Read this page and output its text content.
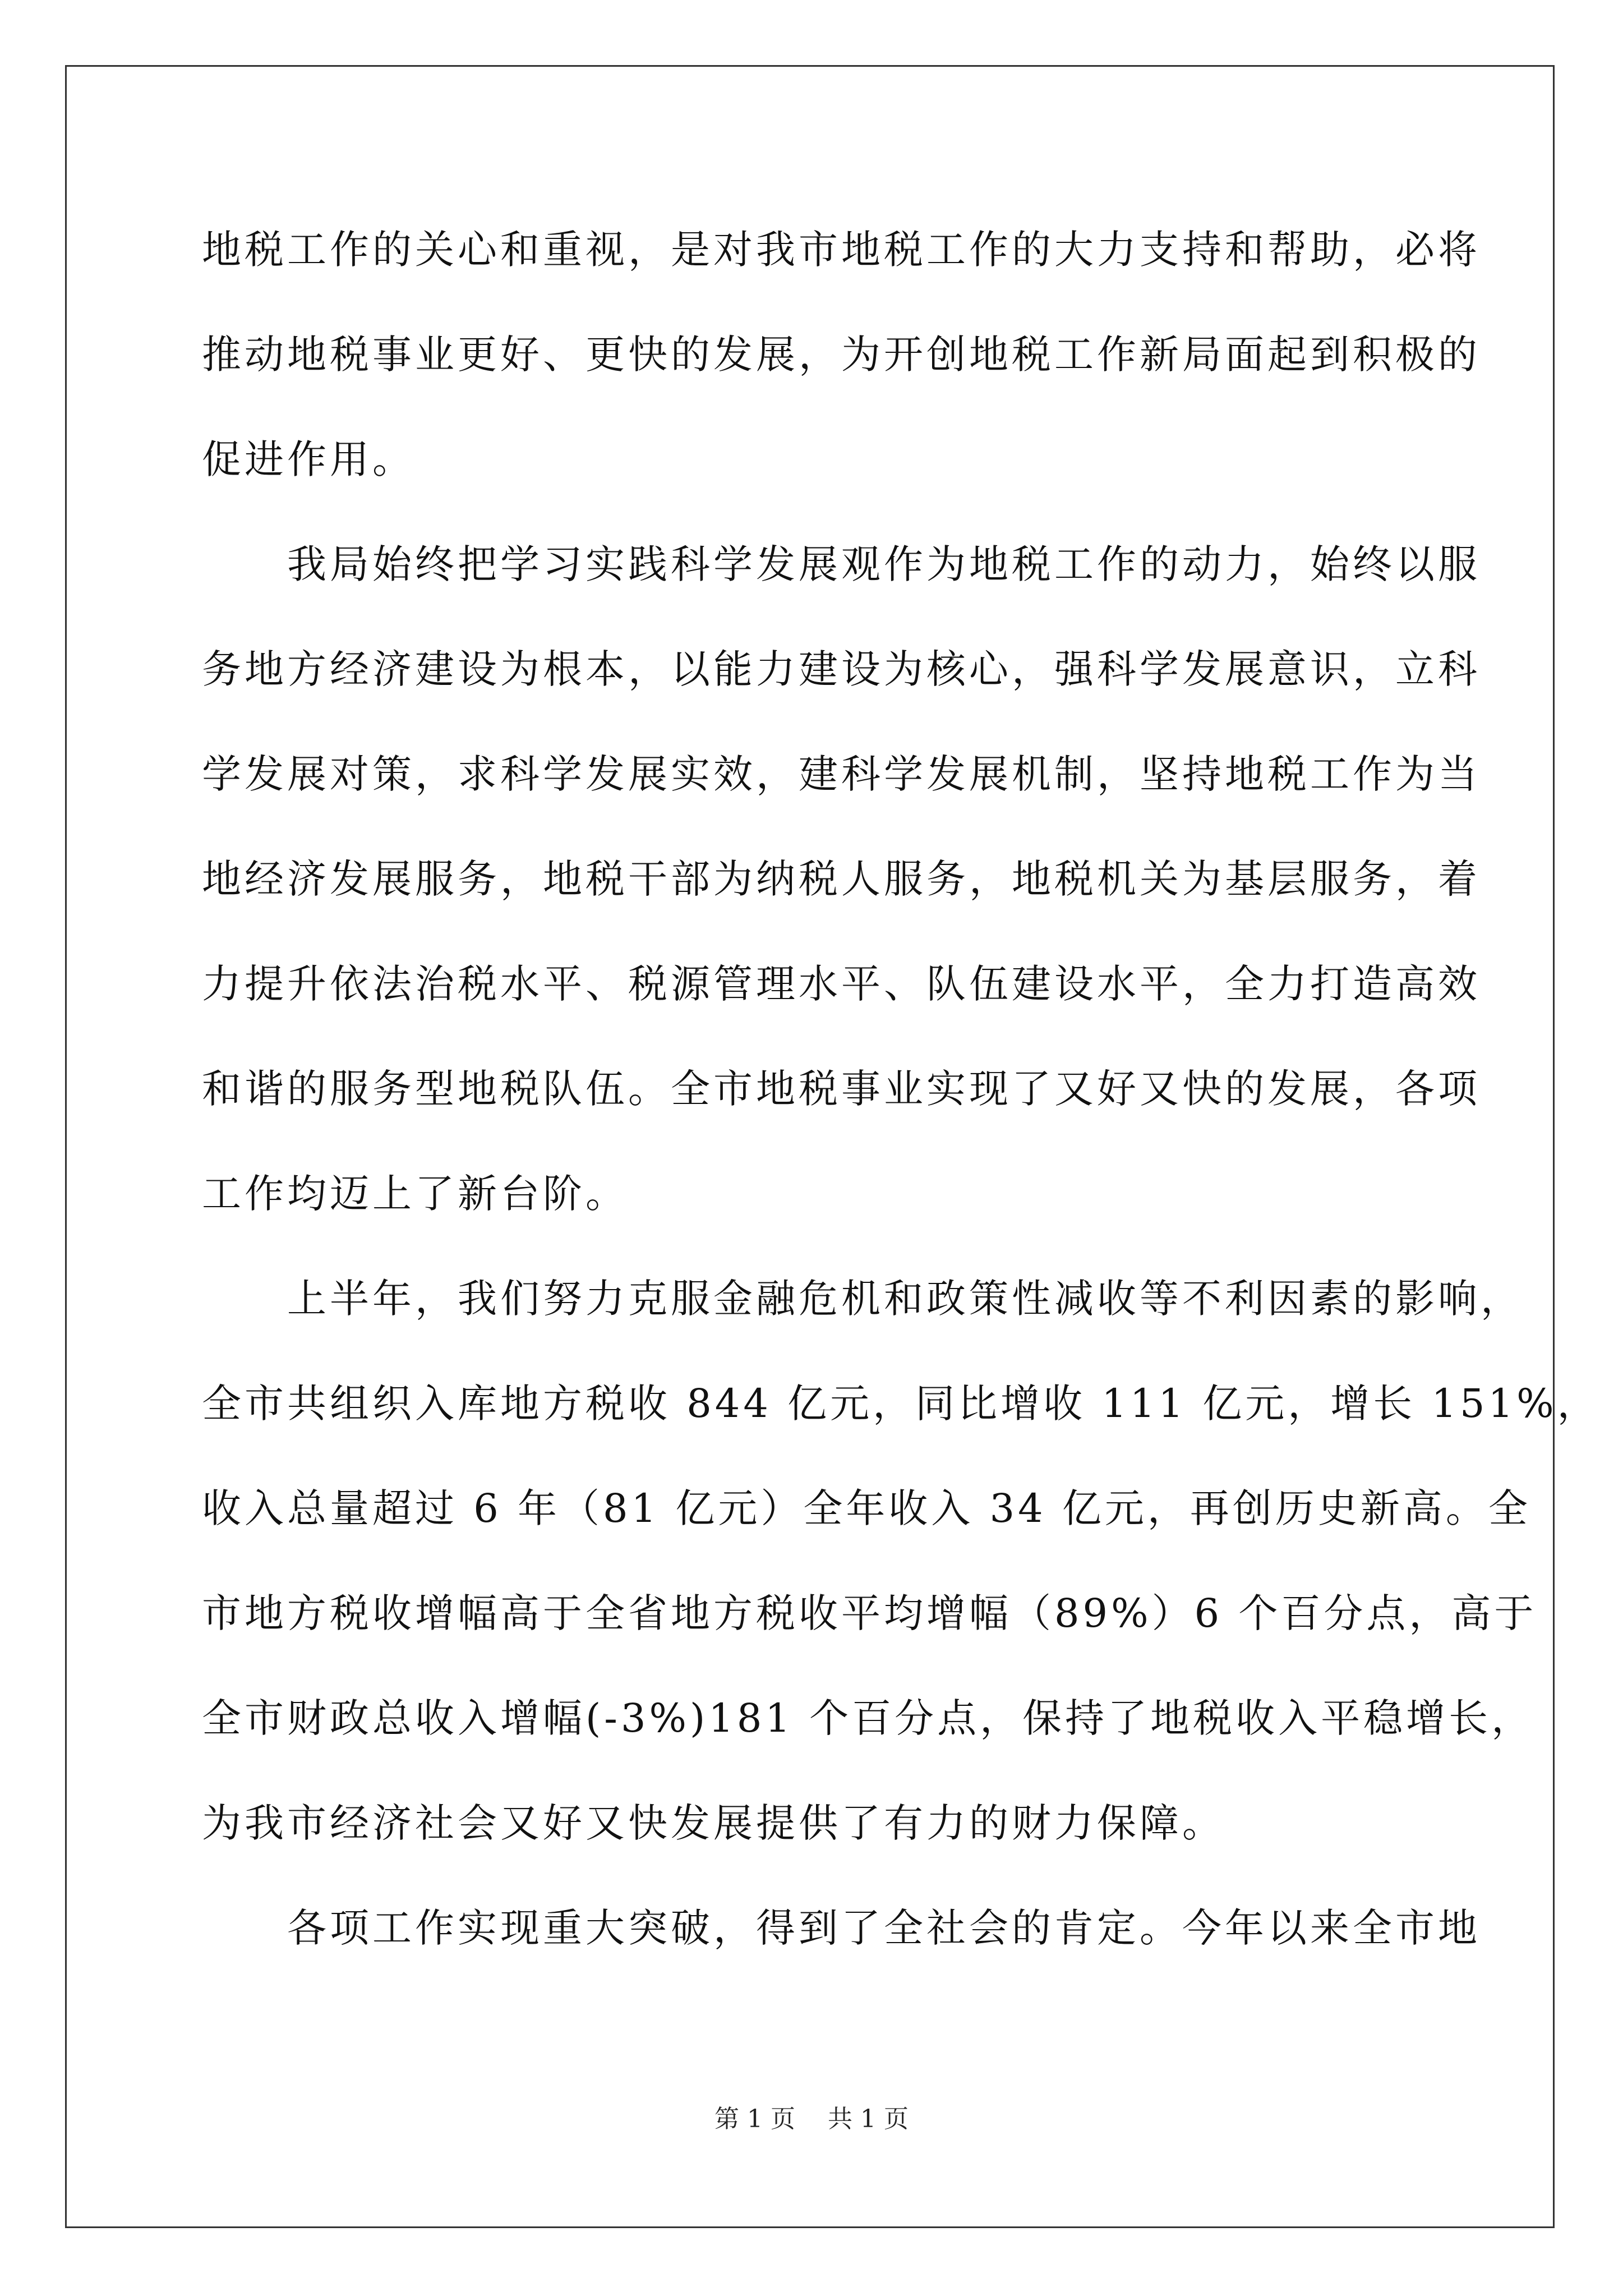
地税工作的关心和重视，是对我市地税工作的大力支持和帮助，必将
推动地税事业更好、更快的发展，为开创地税工作新局面起到积极的
促进作用。
　　我局始终把学习实践科学发展观作为地税工作的动力，始终以服
务地方经济建设为根本，以能力建设为核心，强科学发展意识，立科
学发展对策，求科学发展实效，建科学发展机制，坚持地税工作为当
地经济发展服务，地税干部为纳税人服务，地税机关为基层服务，着
力提升依法治税水平、税源管理水平、队伍建设水平，全力打造高效
和谐的服务型地税队伍。全市地税事业实现了又好又快的发展，各项
工作均迈上了新台阶。
　　上半年，我们努力克服金融危机和政策性减收等不利因素的影响，
全市共组织入库地方税收 844 亿元，同比增收 111 亿元，增长 151%，
收入总量超过 6 年（81 亿元）全年收入 34 亿元，再创历史新高。全
市地方税收增幅高于全省地方税收平均增幅（89%）6 个百分点，高于
全市财政总收入增幅(-3%)181 个百分点，保持了地税收入平稳增长，
为我市经济社会又好又快发展提供了有力的财力保障。
　　各项工作实现重大突破，得到了全社会的肯定。今年以来全市地
第 1 页　 共 1 页
